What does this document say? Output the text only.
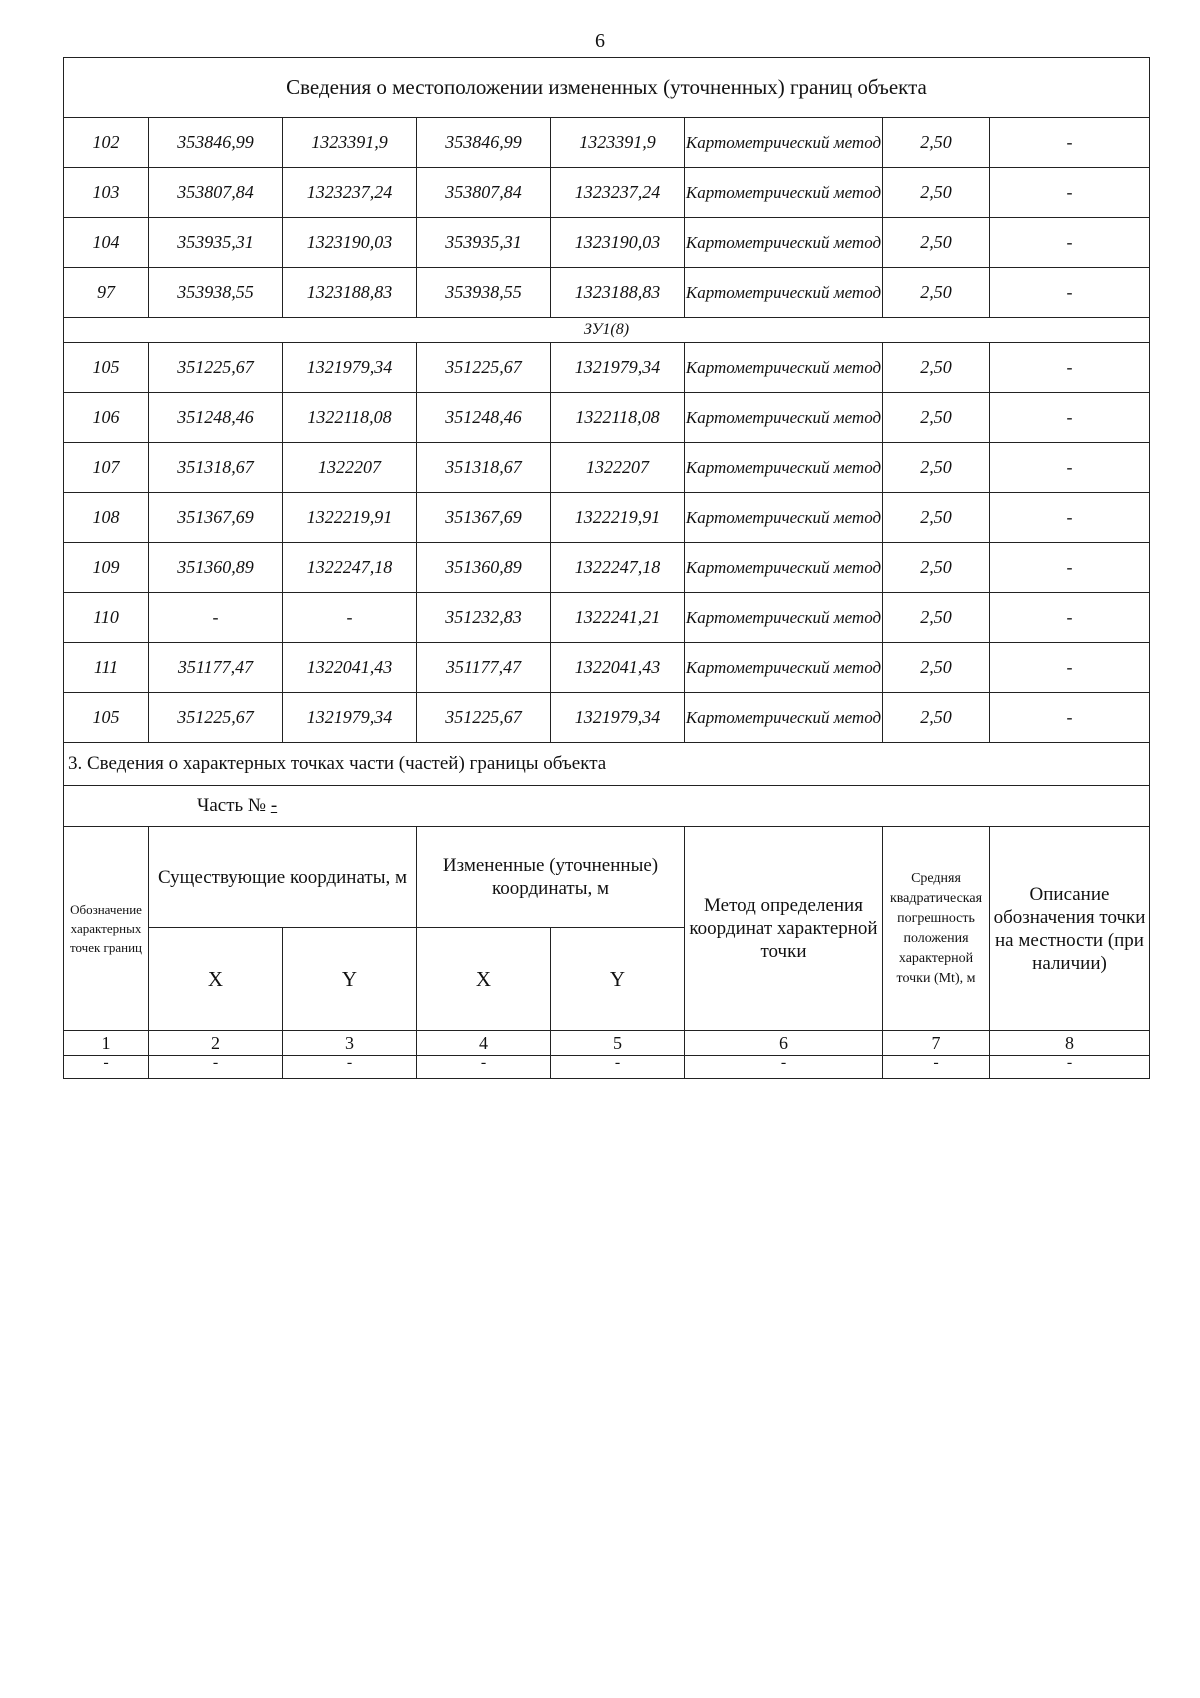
6
Сведения о местоположении измененных (уточненных) границ объекта							
102	353846,99	1323391,9	353846,99	1323391,9	Картометрический метод	2,50	-
103	353807,84	1323237,24	353807,84	1323237,24	Картометрический метод	2,50	-
104	353935,31	1323190,03	353935,31	1323190,03	Картометрический метод	2,50	-
97	353938,55	1323188,83	353938,55	1323188,83	Картометрический метод	2,50	-
ЗУ1(8)							
105	351225,67	1321979,34	351225,67	1321979,34	Картометрический метод	2,50	-
106	351248,46	1322118,08	351248,46	1322118,08	Картометрический метод	2,50	-
107	351318,67	1322207	351318,67	1322207	Картометрический метод	2,50	-
108	351367,69	1322219,91	351367,69	1322219,91	Картометрический метод	2,50	-
109	351360,89	1322247,18	351360,89	1322247,18	Картометрический метод	2,50	-
110	-	-	351232,83	1322241,21	Картометрический метод	2,50	-
111	351177,47	1322041,43	351177,47	1322041,43	Картометрический метод	2,50	-
105	351225,67	1321979,34	351225,67	1321979,34	Картометрический метод	2,50	-
3. Сведения о характерных точках части (частей) границы объекта							
Часть № -							
Обозначение характерных точек границ	Существующие координаты, м		Измененные (уточненные) координаты, м		Метод определения координат характерной точки	Средняя квадратическая погрешность положения характерной точки (Mt), м	Описание обозначения точки на местности (при наличии)
	X	Y	X	Y			
1	2	3	4	5	6	7	8
-	-	-	-	-	-	-	-
